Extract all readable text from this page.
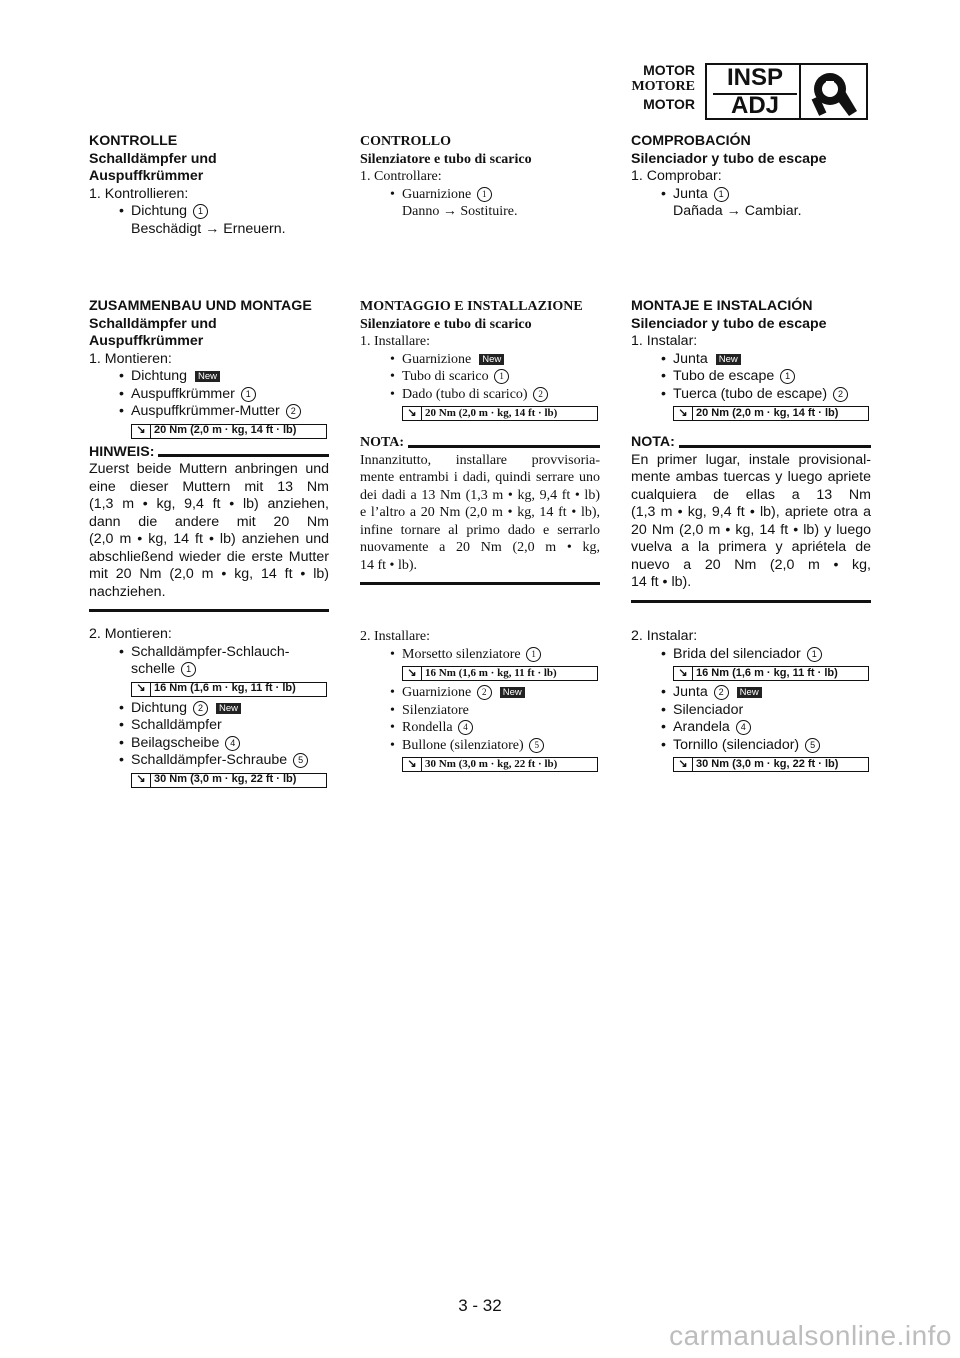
MOTOR
MOTORE
MOTOR
INSP
ADJ
KONTROLLE
Schalldämpfer und
Auspuffkrümmer
1. Kontrollieren:
• Dichtung 1
Beschädigt → Erneuern.
ZUSAMMENBAU UND MONTAGE
Schalldämpfer und
Auspuffkrümmer
1. Montieren:
• Dichtung New
• Auspuffkrümmer 1
• Auspuffkrümmer-Mutter 2
↘ 20 Nm (2,0 m · kg, 14 ft · lb)
HINWEIS:
Zuerst beide Muttern anbringen und
eine dieser Muttern mit 13 Nm
(1,3 m • kg, 9,4 ft • lb) anziehen,
dann die andere mit 20 Nm
(2,0 m • kg, 14 ft • lb) anziehen und
abschließend wieder die erste Mutter
mit 20 Nm (2,0 m • kg, 14 ft • lb)
nachziehen.
2. Montieren:
• Schalldämpfer-Schlauch-
schelle 1
↘ 16 Nm (1,6 m · kg, 11 ft · lb)
• Dichtung 2 New
• Schalldämpfer
• Beilagscheibe 4
• Schalldämpfer-Schraube 5
↘ 30 Nm (3,0 m · kg, 22 ft · lb)
CONTROLLO
Silenziatore e tubo di scarico
1. Controllare:
• Guarnizione 1
Danno → Sostituire.
MONTAGGIO E INSTALLAZIONE
Silenziatore e tubo di scarico
1. Installare:
• Guarnizione New
• Tubo di scarico 1
• Dado (tubo di scarico) 2
↘ 20 Nm (2,0 m · kg, 14 ft · lb)
NOTA:
Innanzitutto, installare provvisoria-
mente entrambi i dadi, quindi serrare uno
dei dadi a 13 Nm (1,3 m • kg, 9,4 ft • lb)
e l’altro a 20 Nm (2,0 m • kg, 14 ft • lb),
infine tornare al primo dado e serrarlo
nuovamente a 20 Nm (2,0 m • kg,
14 ft • lb).
2. Installare:
• Morsetto silenziatore 1
↘ 16 Nm (1,6 m · kg, 11 ft · lb)
• Guarnizione 2 New
• Silenziatore
• Rondella 4
• Bullone (silenziatore) 5
↘ 30 Nm (3,0 m · kg, 22 ft · lb)
COMPROBACIÓN
Silenciador y tubo de escape
1. Comprobar:
• Junta 1
Dañada → Cambiar.
MONTAJE E INSTALACIÓN
Silenciador y tubo de escape
1. Instalar:
• Junta New
• Tubo de escape 1
• Tuerca (tubo de escape) 2
↘ 20 Nm (2,0 m · kg, 14 ft · lb)
NOTA:
En primer lugar, instale provisional-
mente ambas tuercas y luego apriete
cualquiera de ellas a 13 Nm
(1,3 m • kg, 9,4 ft • lb), apriete otra a
20 Nm (2,0 m • kg, 14 ft • lb) y luego
vuelva a la primera y apriételа de
nuevo a 20 Nm (2,0 m • kg,
14 ft • lb).
2. Instalar:
• Brida del silenciador 1
↘ 16 Nm (1,6 m · kg, 11 ft · lb)
• Junta 2 New
• Silenciador
• Arandela 4
• Tornillo (silenciador) 5
↘ 30 Nm (3,0 m · kg, 22 ft · lb)
3 - 32
carmanualsonline.info
